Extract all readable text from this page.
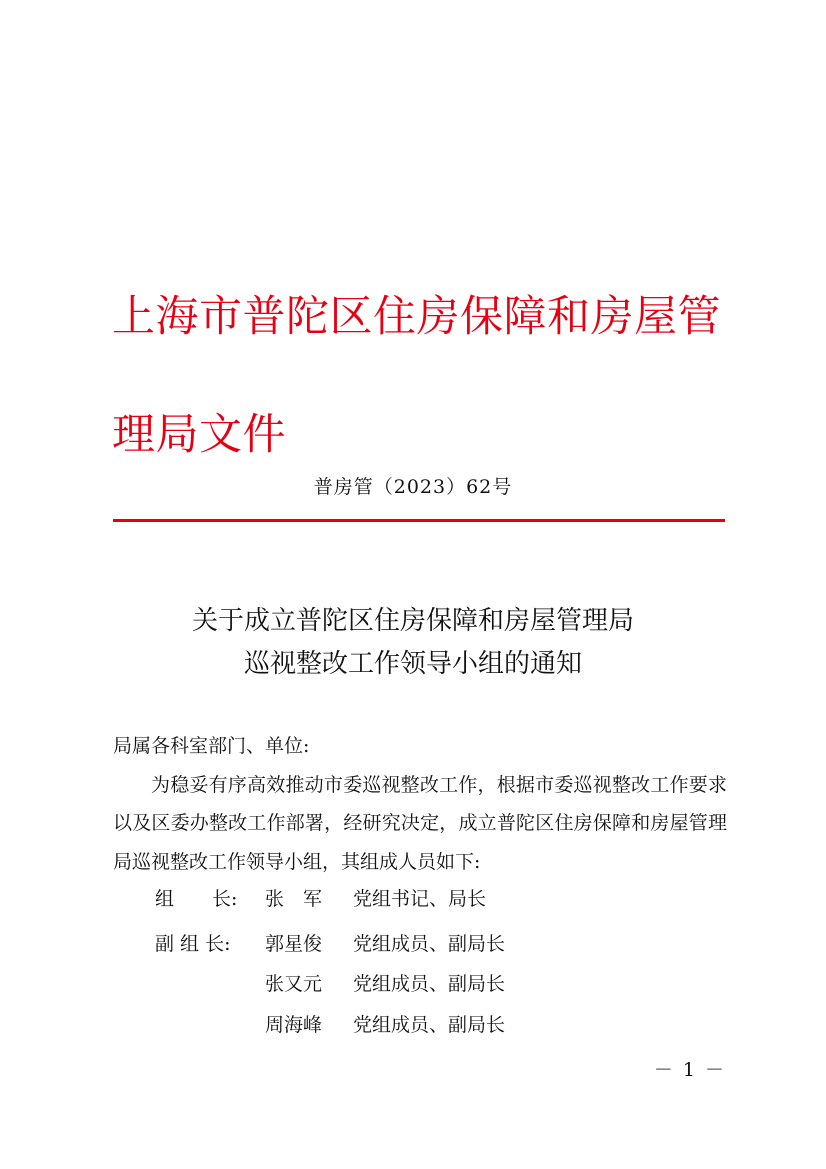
上海市普陀区住房保障和房屋管理局文件

普房管（2023）62号

关于成立普陀区住房保障和房屋管理局
巡视整改工作领导小组的通知

局属各科室部门、单位:

为稳妥有序高效推动市委巡视整改工作，根据市委巡视整改工作要求以及区委办整改工作部署，经研究决定，成立普陀区住房保障和房屋管理局巡视整改工作领导小组，其组成人员如下:

组　　长: 张　军 党组书记、局长
副 组 长: 郭星俊 党组成员、副局长
张又元 党组成员、副局长
周海峰 党组成员、副局长
－ 1 －
